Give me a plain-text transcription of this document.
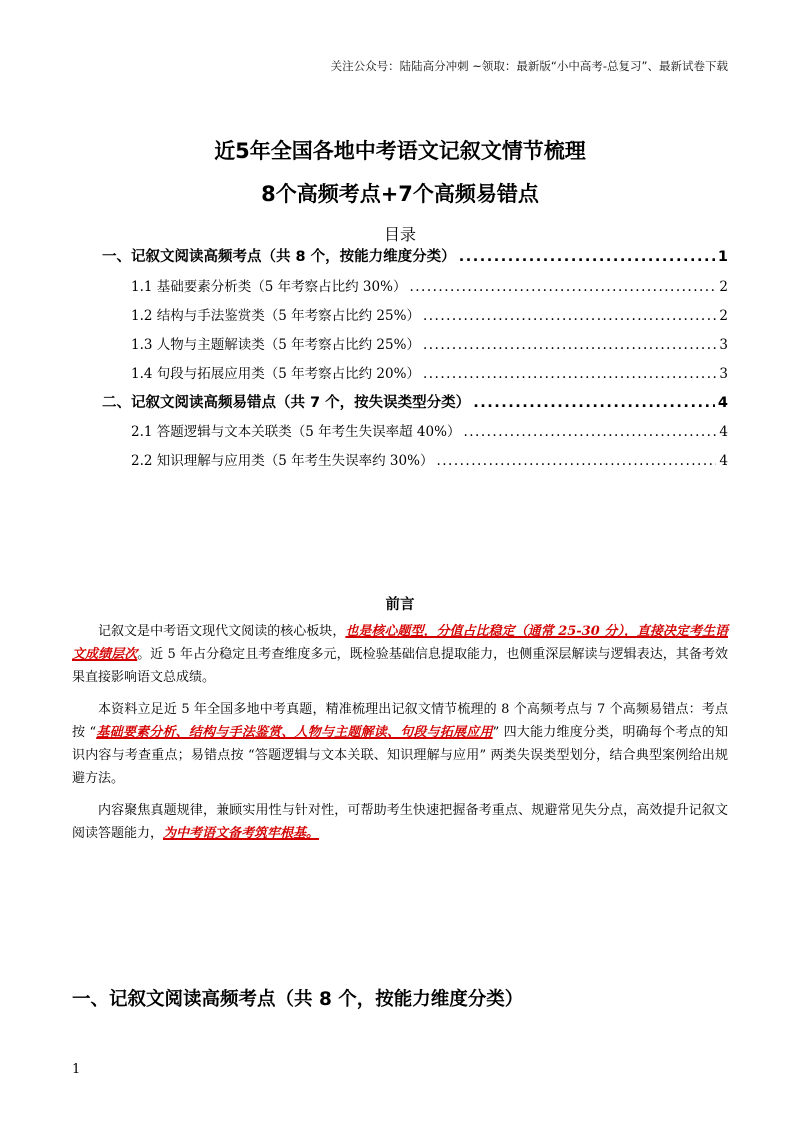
关注公众号：陆陆高分冲刺 ~领取：最新版“小中高考-总复习”、最新试卷下载
近5年全国各地中考语文记叙文情节梳理
8个高频考点+7个高频易错点
目录
一、记叙文阅读高频考点（共 8 个，按能力维度分类） .....	1
1.1 基础要素分析类（5 年考察占比约 30%） .....	2
1.2 结构与手法鉴赏类（5 年考察占比约 25%） .....	2
1.3 人物与主题解读类（5 年考察占比约 25%） .....	3
1.4 句段与拓展应用类（5 年考察占比约 20%） .....	3
二、记叙文阅读高频易错点（共 7 个，按失误类型分类） .....	4
2.1 答题逻辑与文本关联类（5 年考生失误率超 40%） .....	4
2.2 知识理解与应用类（5 年考生失误率约 30%） .....	4
前言

记叙文是中考语文现代文阅读的核心板块，也是核心题型，分值占比稳定（通常 25-30 分），直接决定考生语文成绩层次。近 5 年占分稳定且考查维度多元，既检验基础信息提取能力，也侧重深层解读与逻辑表达，其备考效果直接影响语文总成绩。

本资料立足近 5 年全国多地中考真题，精准梳理出记叙文情节梳理的 8 个高频考点与 7 个高频易错点：考点按 “基础要素分析、结构与手法鉴赏、人物与主题解读、句段与拓展应用” 四大能力维度分类，明确每个考点的知识内容与考查重点；易错点按 “答题逻辑与文本关联、知识理解与应用” 两类失误类型划分，结合典型案例给出规避方法。

内容聚焦真题规律，兼顾实用性与针对性，可帮助考生快速把握备考重点、规避常见失分点，高效提升记叙文阅读答题能力，为中考语文备考筑牢根基。

一、记叙文阅读高频考点（共 8 个，按能力维度分类）
1
